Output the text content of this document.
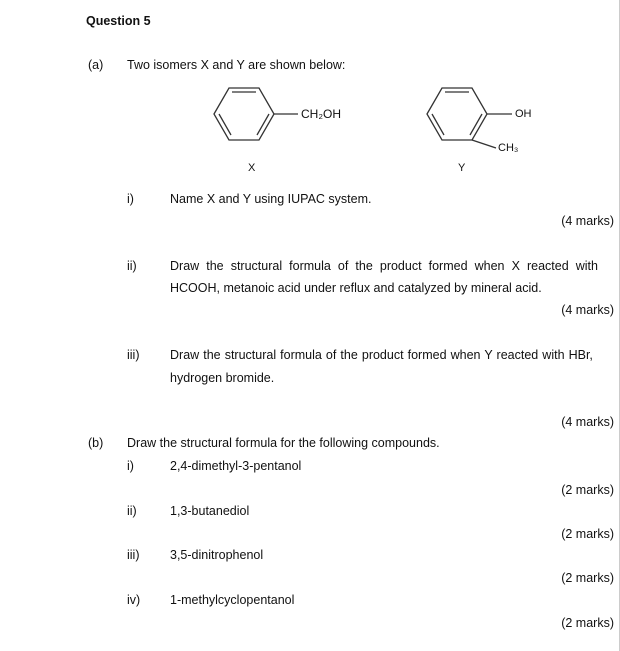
Question 5
(a) Two isomers X and Y are shown below:
CH₂OH
X
OH
CH₃
Y
i)	Name X and Y using IUPAC system.
(4 marks)
ii)	Draw the structural formula of the product formed when X reacted with
HCOOH, metanoic acid under reflux and catalyzed by mineral acid.
(4 marks)
iii) Draw the structural formula of the product formed when Y reacted with HBr,
hydrogen bromide.
(4 marks)
(b) Draw the structural formula for the following compounds.
i)	2,4-dimethyl-3-pentanol
(2 marks)
ii)	1,3-butanediol
(2 marks)
iii) 3,5-dinitrophenol
(2 marks)
iv) 1-methylcyclopentanol
(2 marks)
